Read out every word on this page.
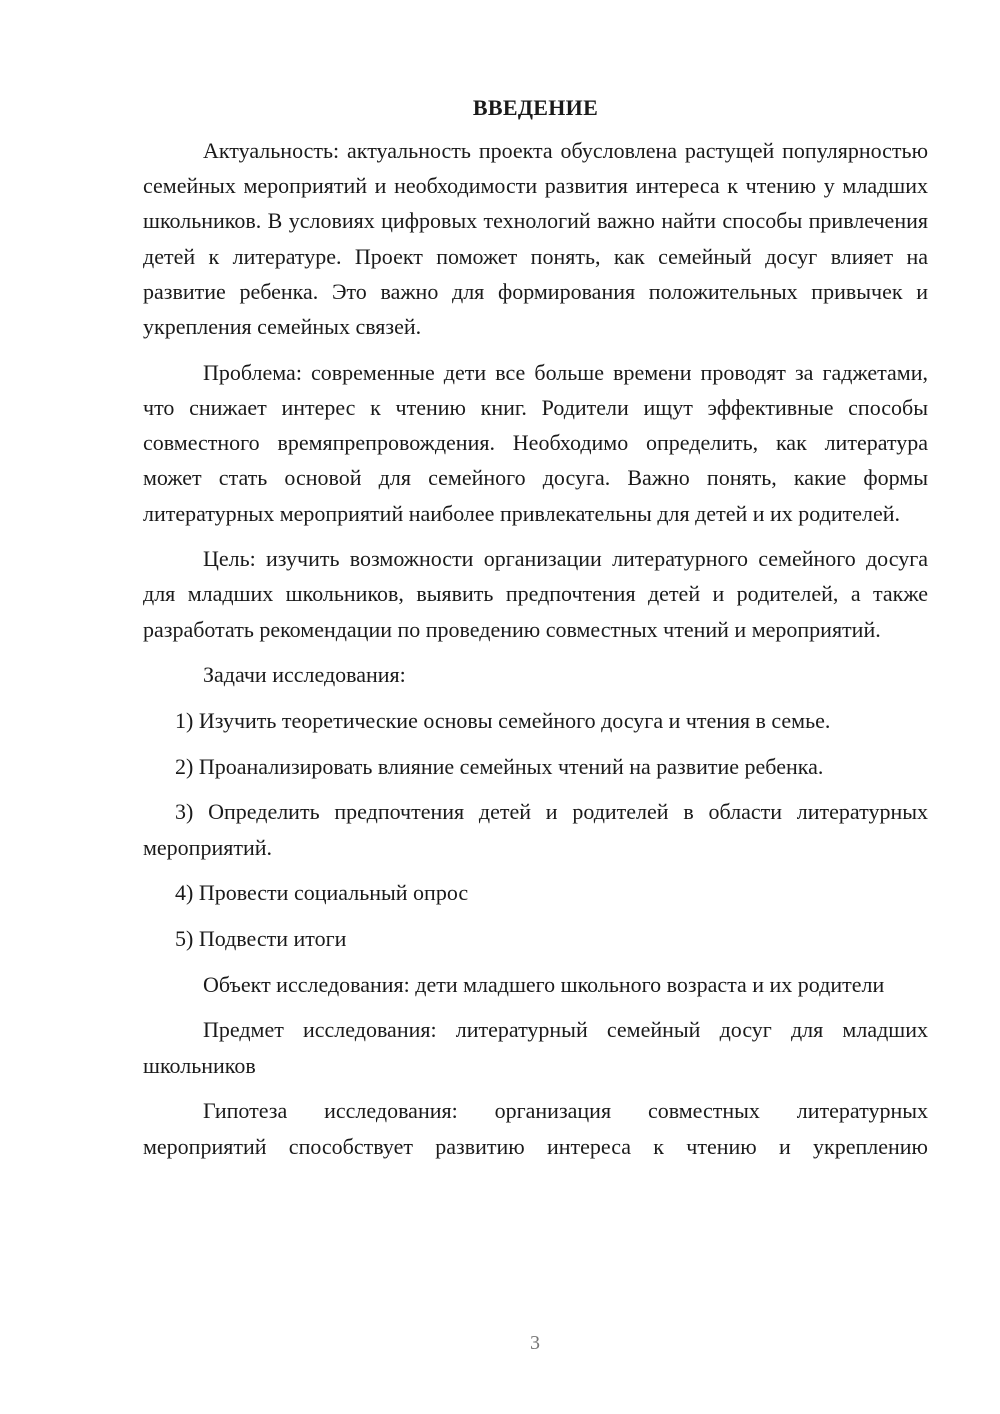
ВВЕДЕНИЕ

Актуальность: актуальность проекта обусловлена растущей популярностью семейных мероприятий и необходимости развития интереса к чтению у младших школьников. В условиях цифровых технологий важно найти способы привлечения детей к литературе. Проект поможет понять, как семейный досуг влияет на развитие ребенка. Это важно для формирования положительных привычек и укрепления семейных связей.

Проблема: современные дети все больше времени проводят за гаджетами, что снижает интерес к чтению книг. Родители ищут эффективные способы совместного времяпрепровождения. Необходимо определить, как литература может стать основой для семейного досуга. Важно понять, какие формы литературных мероприятий наиболее привлекательны для детей и их родителей.

Цель: изучить возможности организации литературного семейного досуга для младших школьников, выявить предпочтения детей и родителей, а также разработать рекомендации по проведению совместных чтений и мероприятий.

Задачи исследования:

1) Изучить теоретические основы семейного досуга и чтения в семье.

2) Проанализировать влияние семейных чтений на развитие ребенка.

3) Определить предпочтения детей и родителей в области литературных мероприятий.

4) Провести социальный опрос

5) Подвести итоги

Объект исследования: дети младшего школьного возраста и их родители

Предмет исследования: литературный семейный досуг для младших школьников

Гипотеза исследования: организация совместных литературных мероприятий способствует развитию интереса к чтению и укреплению

3
